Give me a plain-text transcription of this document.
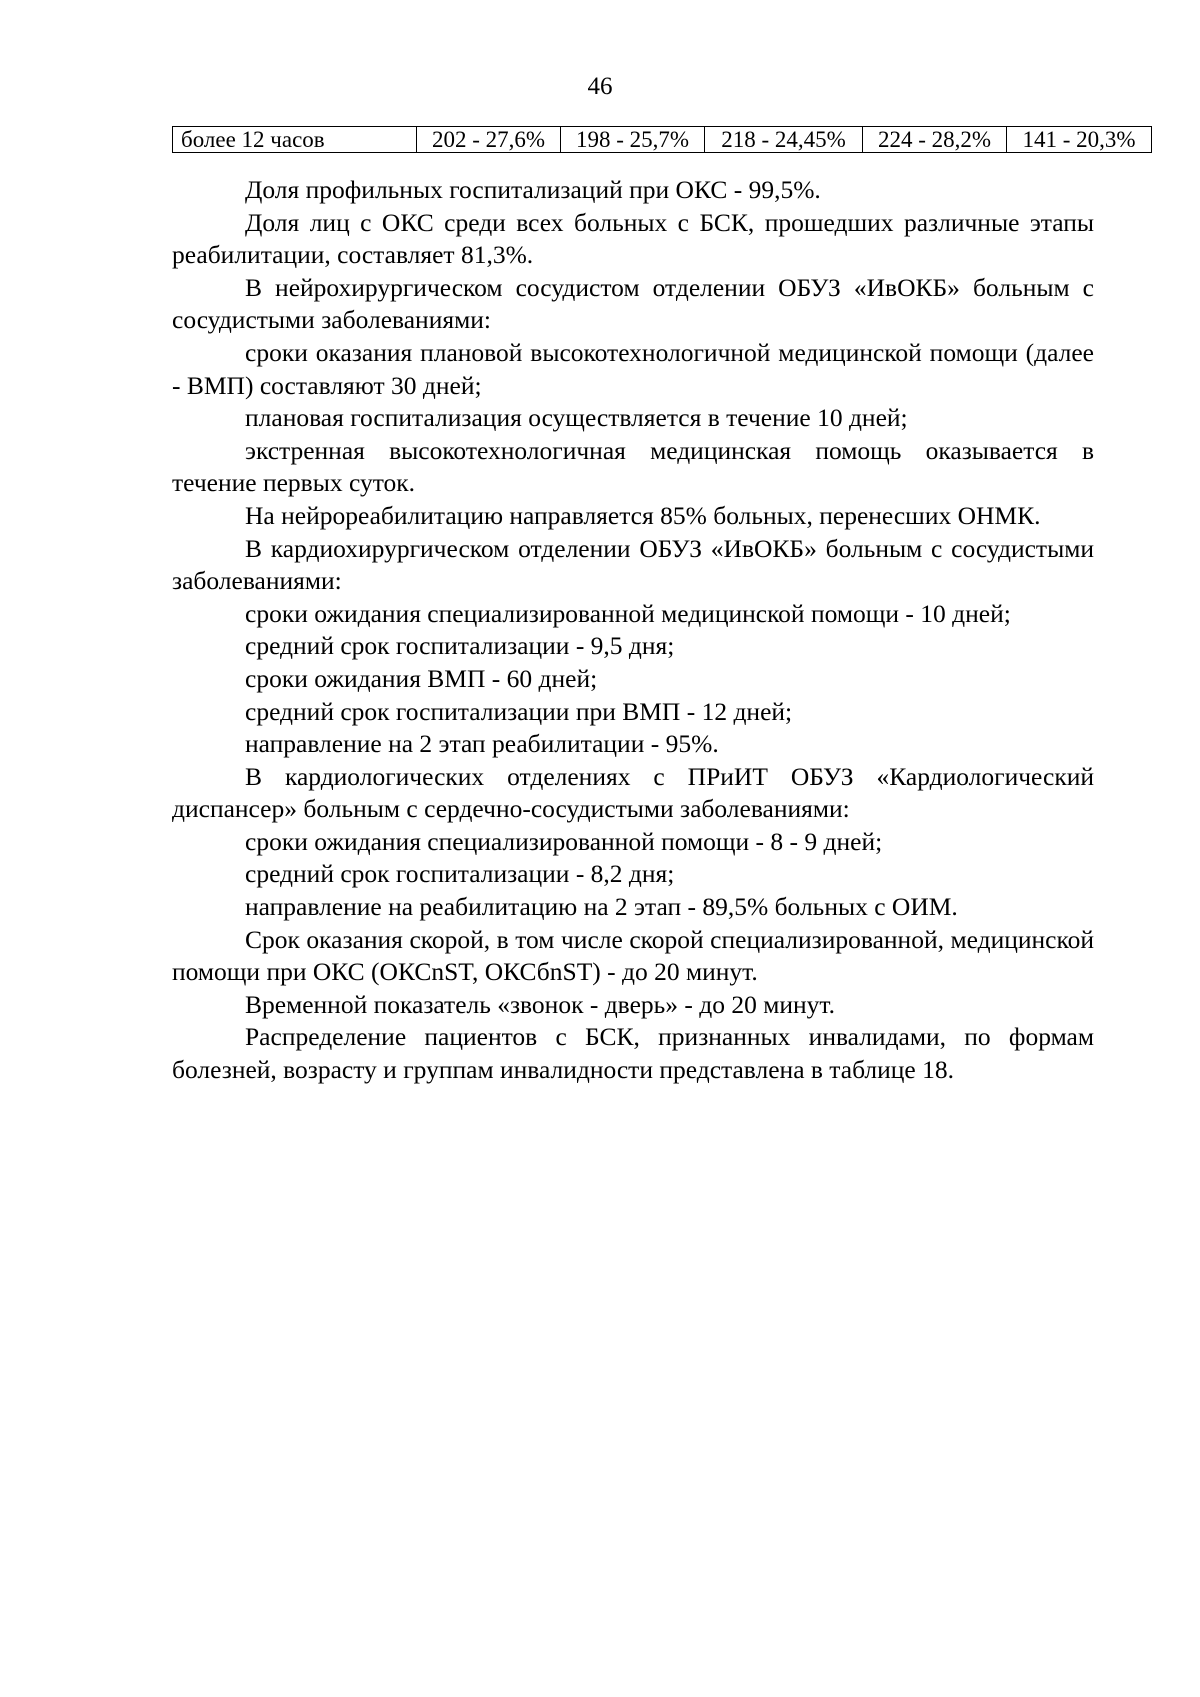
46
более 12 часов	202 - 27,6%	198 - 25,7%	218 - 24,45%	224 - 28,2%	141 - 20,3%

Доля профильных госпитализаций при ОКС - 99,5%.

Доля лиц с ОКС среди всех больных с БСК, прошедших различные этапы реабилитации, составляет 81,3%.

В нейрохирургическом сосудистом отделении ОБУЗ «ИвОКБ» больным с сосудистыми заболеваниями:

сроки оказания плановой высокотехнологичной медицинской помощи (далее - ВМП) составляют 30 дней;

плановая госпитализация осуществляется в течение 10 дней;

экстренная высокотехнологичная медицинская помощь оказывается в течение первых суток.

На нейрореабилитацию направляется 85% больных, перенесших ОНМК.

В кардиохирургическом отделении ОБУЗ «ИвОКБ» больным с сосудистыми заболеваниями:

сроки ожидания специализированной медицинской помощи - 10 дней;

средний срок госпитализации - 9,5 дня;

сроки ожидания ВМП - 60 дней;

средний срок госпитализации при ВМП - 12 дней;

направление на 2 этап реабилитации - 95%.

В кардиологических отделениях с ПРиИТ ОБУЗ «Кардиологический диспансер» больным с сердечно-сосудистыми заболеваниями:

сроки ожидания специализированной помощи - 8 - 9 дней;

средний срок госпитализации - 8,2 дня;

направление на реабилитацию на 2 этап - 89,5% больных с ОИМ.

Срок оказания скорой, в том числе скорой специализированной, медицинской помощи при ОКС (ОКСnST, ОКСбnST) - до 20 минут.

Временной показатель «звонок - дверь» - до 20 минут.

Распределение пациентов с БСК, признанных инвалидами, по формам болезней, возрасту и группам инвалидности представлена в таблице 18.
